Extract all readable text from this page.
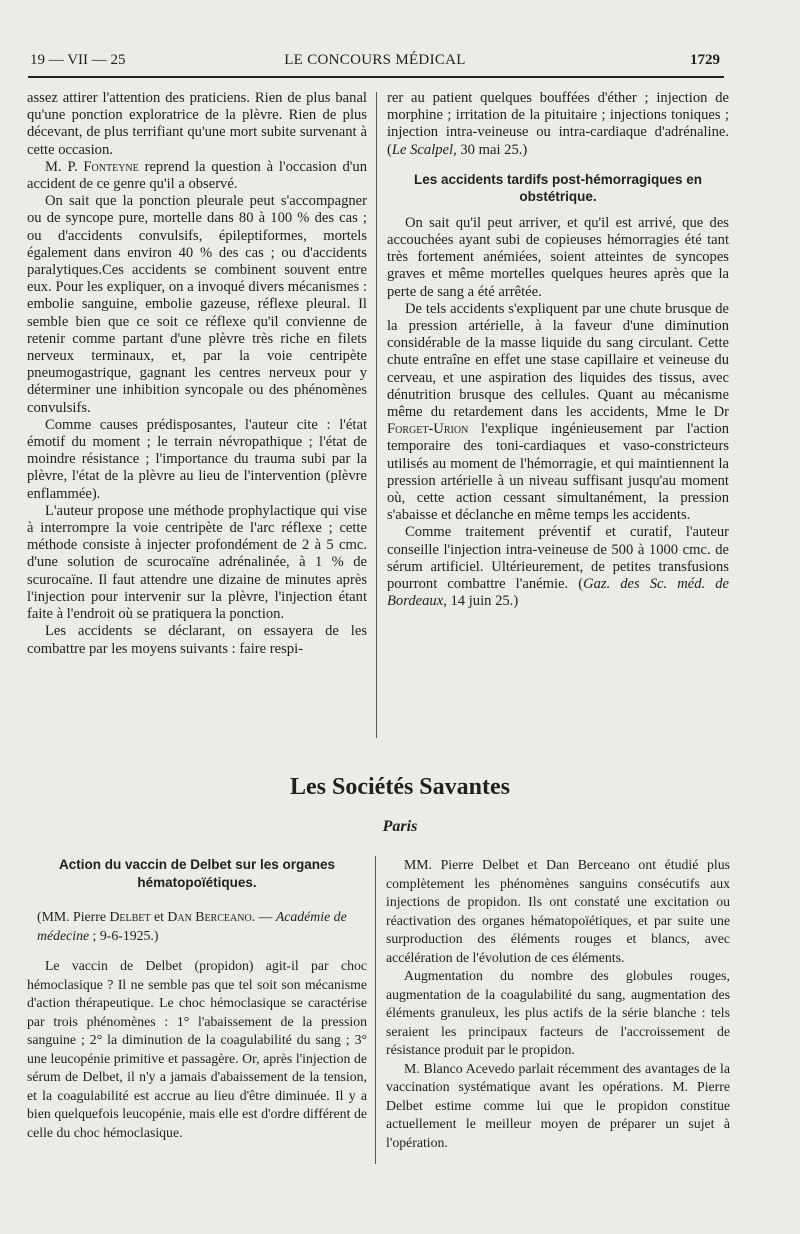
19 — VII — 25	LE CONCOURS MÉDICAL	1729

assez attirer l'attention des praticiens. Rien de plus banal qu'une ponction exploratrice de la plèvre. Rien de plus décevant, de plus terrifiant qu'une mort subite survenant à cette occasion.

M. P. Fonteyne reprend la question à l'occasion d'un accident de ce genre qu'il a observé.

On sait que la ponction pleurale peut s'accompagner ou de syncope pure, mortelle dans 80 à 100 % des cas ; ou d'accidents convulsifs, épileptiformes, mortels également dans environ 40 % des cas ; ou d'accidents paralytiques.Ces accidents se combinent souvent entre eux. Pour les expliquer, on a invoqué divers mécanismes : embolie sanguine, embolie gazeuse, réflexe pleural. Il semble bien que ce soit ce réflexe qu'il convienne de retenir comme partant d'une plèvre très riche en filets nerveux terminaux, et, par la voie centripète pneumogastrique, gagnant les centres nerveux pour y déterminer une inhibition syncopale ou des phénomènes convulsifs.

Comme causes prédisposantes, l'auteur cite : l'état émotif du moment ; le terrain névropathique ; l'état de moindre résistance ; l'importance du trauma subi par la plèvre, l'état de la plèvre au lieu de l'intervention (plèvre enflammée).

L'auteur propose une méthode prophylactique qui vise à interrompre la voie centripète de l'arc réflexe ; cette méthode consiste à injecter profondément de 2 à 5 cmc. d'une solution de scurocaïne adrénalinée, à 1 % de scurocaïne. Il faut attendre une dizaine de minutes après l'injection pour intervenir sur la plèvre, l'injection étant faite à l'endroit où se pratiquera la ponction.

Les accidents se déclarant, on essayera de les combattre par les moyens suivants : faire respi-

rer au patient quelques bouffées d'éther ; injection de morphine ; irritation de la pituitaire ; injections toniques ; injection intra-veineuse ou intra-cardiaque d'adrénaline. (Le Scalpel, 30 mai 25.)

Les accidents tardifs post-hémorragiques en obstétrique.

On sait qu'il peut arriver, et qu'il est arrivé, que des accouchées ayant subi de copieuses hémorragies été tant très fortement anémiées, soient atteintes de syncopes graves et même mortelles quelques heures après que la perte de sang a été arrêtée.

De tels accidents s'expliquent par une chute brusque de la pression artérielle, à la faveur d'une diminution considérable de la masse liquide du sang circulant. Cette chute entraîne en effet une stase capillaire et veineuse du cerveau, et une aspiration des liquides des tissus, avec dénutrition brusque des cellules. Quant au mécanisme même du retardement dans les accidents, Mme le Dr Forget-Urion l'explique ingénieusement par l'action temporaire des toni-cardiaques et vaso-constricteurs utilisés au moment de l'hémorragie, et qui maintiennent la pression artérielle à un niveau suffisant jusqu'au moment où, cette action cessant simultanément, la pression s'abaisse et déclanche en même temps les accidents.

Comme traitement préventif et curatif, l'auteur conseille l'injection intra-veineuse de 500 à 1000 cmc. de sérum artificiel. Ultérieurement, de petites transfusions pourront combattre l'anémie. (Gaz. des Sc. méd. de Bordeaux, 14 juin 25.)

Les Sociétés Savantes
Paris

Action du vaccin de Delbet sur les organes hématopoïétiques.

(MM. Pierre Delbet et Dan Berceano. — Académie de médecine ; 9-6-1925.)

Le vaccin de Delbet (propidon) agit-il par choc hémoclasique ? Il ne semble pas que tel soit son mécanisme d'action thérapeutique. Le choc hémoclasique se caractérise par trois phénomènes : 1° l'abaissement de la pression sanguine ; 2° la diminution de la coagulabilité du sang ; 3° une leucopénie primitive et passagère. Or, après l'injection de sérum de Delbet, il n'y a jamais d'abaissement de la tension, et la coagulabilité est accrue au lieu d'être diminuée. Il y a bien quelquefois leucopénie, mais elle est d'ordre différent de celle du choc hémoclasique.

MM. Pierre Delbet et Dan Berceano ont étudié plus complètement les phénomènes sanguins consécutifs aux injections de propidon. Ils ont constaté une excitation ou réactivation des organes hématopoïétiques, et par suite une surproduction des éléments rouges et blancs, avec accélération de l'évolution de ces éléments.

Augmentation du nombre des globules rouges, augmentation de la coagulabilité du sang, augmentation des éléments granuleux, les plus actifs de la série blanche : tels seraient les principaux facteurs de l'accroissement de résistance produit par le propidon.

M. Blanco Acevedo parlait récemment des avantages de la vaccination systématique avant les opérations. M. Pierre Delbet estime comme lui que le propidon constitue actuellement le meilleur moyen de préparer un sujet à l'opération.
